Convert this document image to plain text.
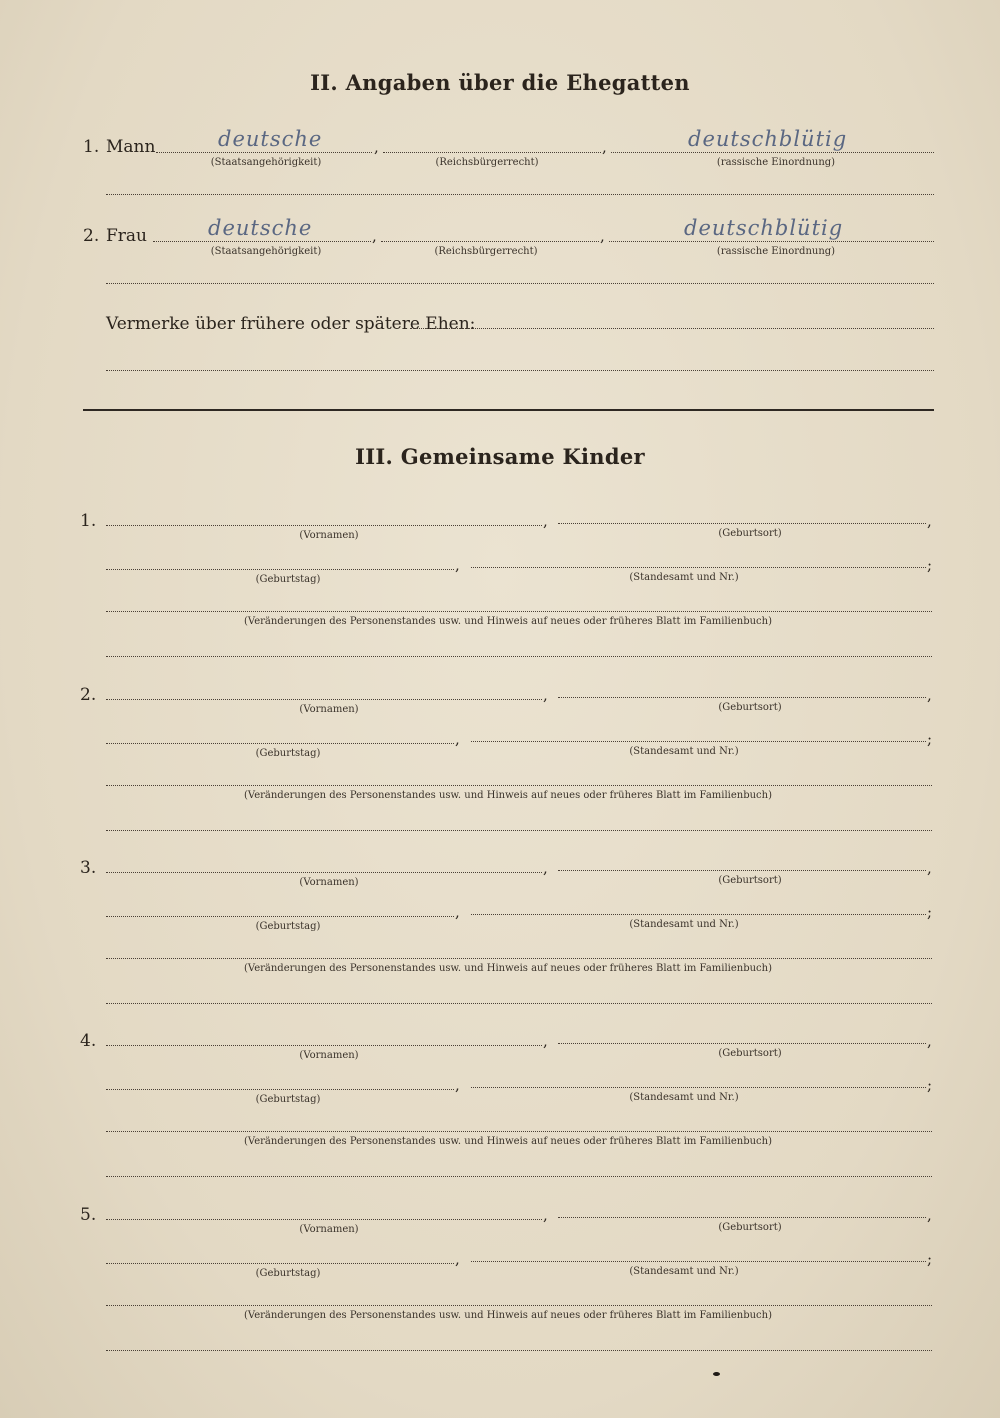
II. Angaben über die Ehegatten
1. Mann	deutsche	,	,	deutschblütig
(Staatsangehörigkeit)	(Reichsbürgerrecht)	(rassische Einordnung)
2. Frau	deutsche	,	,	deutschblütig
(Staatsangehörigkeit)	(Reichsbürgerrecht)	(rassische Einordnung)
Vermerke über frühere oder spätere Ehen:
III. Gemeinsame Kinder
1.	,	,
(Vornamen)	(Geburtsort)
,	;
(Geburtstag)	(Standesamt und Nr.)
(Veränderungen des Personenstandes usw. und Hinweis auf neues oder früheres Blatt im Familienbuch)
2.	,	,
(Vornamen)	(Geburtsort)
,	;
(Geburtstag)	(Standesamt und Nr.)
(Veränderungen des Personenstandes usw. und Hinweis auf neues oder früheres Blatt im Familienbuch)
3.	,	,
(Vornamen)	(Geburtsort)
,	;
(Geburtstag)	(Standesamt und Nr.)
(Veränderungen des Personenstandes usw. und Hinweis auf neues oder früheres Blatt im Familienbuch)
4.	,	,
(Vornamen)	(Geburtsort)
,	;
(Geburtstag)	(Standesamt und Nr.)
(Veränderungen des Personenstandes usw. und Hinweis auf neues oder früheres Blatt im Familienbuch)
5.	,	,
(Vornamen)	(Geburtsort)
,	;
(Geburtstag)	(Standesamt und Nr.)
(Veränderungen des Personenstandes usw. und Hinweis auf neues oder früheres Blatt im Familienbuch)
